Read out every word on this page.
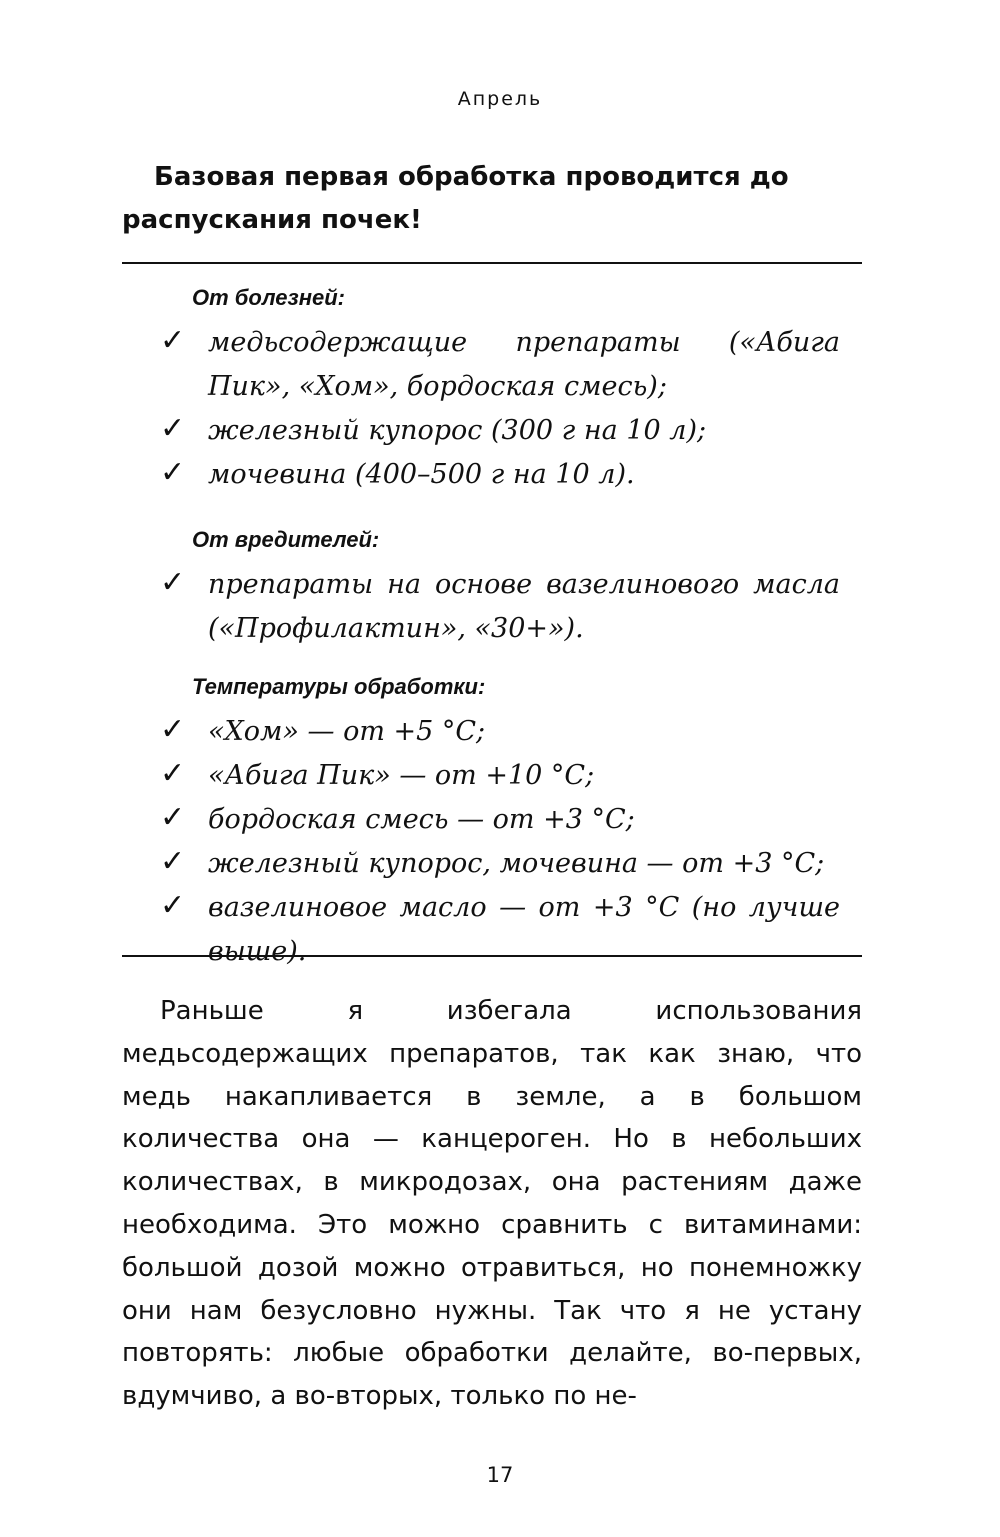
Апрель

Базовая первая обработка проводится до распускания почек!

От болезней:
✓ медьсодержащие препараты («Абига Пик», «Хом», бордоская смесь);
✓ железный купорос (300 г на 10 л);
✓ мочевина (400–500 г на 10 л).
От вредителей:
✓ препараты на основе вазелинового масла («Профилактин», «30+»).
Температуры обработки:
✓ «Хом» — от +5 °С;
✓ «Абига Пик» — от +10 °С;
✓ бордоская смесь — от +3 °С;
✓ железный купорос, мочевина — от +3 °С;
✓ вазелиновое масло — от +3 °С (но лучше выше).

Раньше я избегала использования медьсодержащих препаратов, так как знаю, что медь накапливается в земле, а в большом количества она — канцероген. Но в небольших количествах, в микродозах, она растениям даже необходима. Это можно сравнить с витаминами: большой дозой можно отравиться, но понемножку они нам безусловно нужны. Так что я не устану повторять: любые обработки делайте, во-первых, вдумчиво, а во-вторых, только по не-

17
